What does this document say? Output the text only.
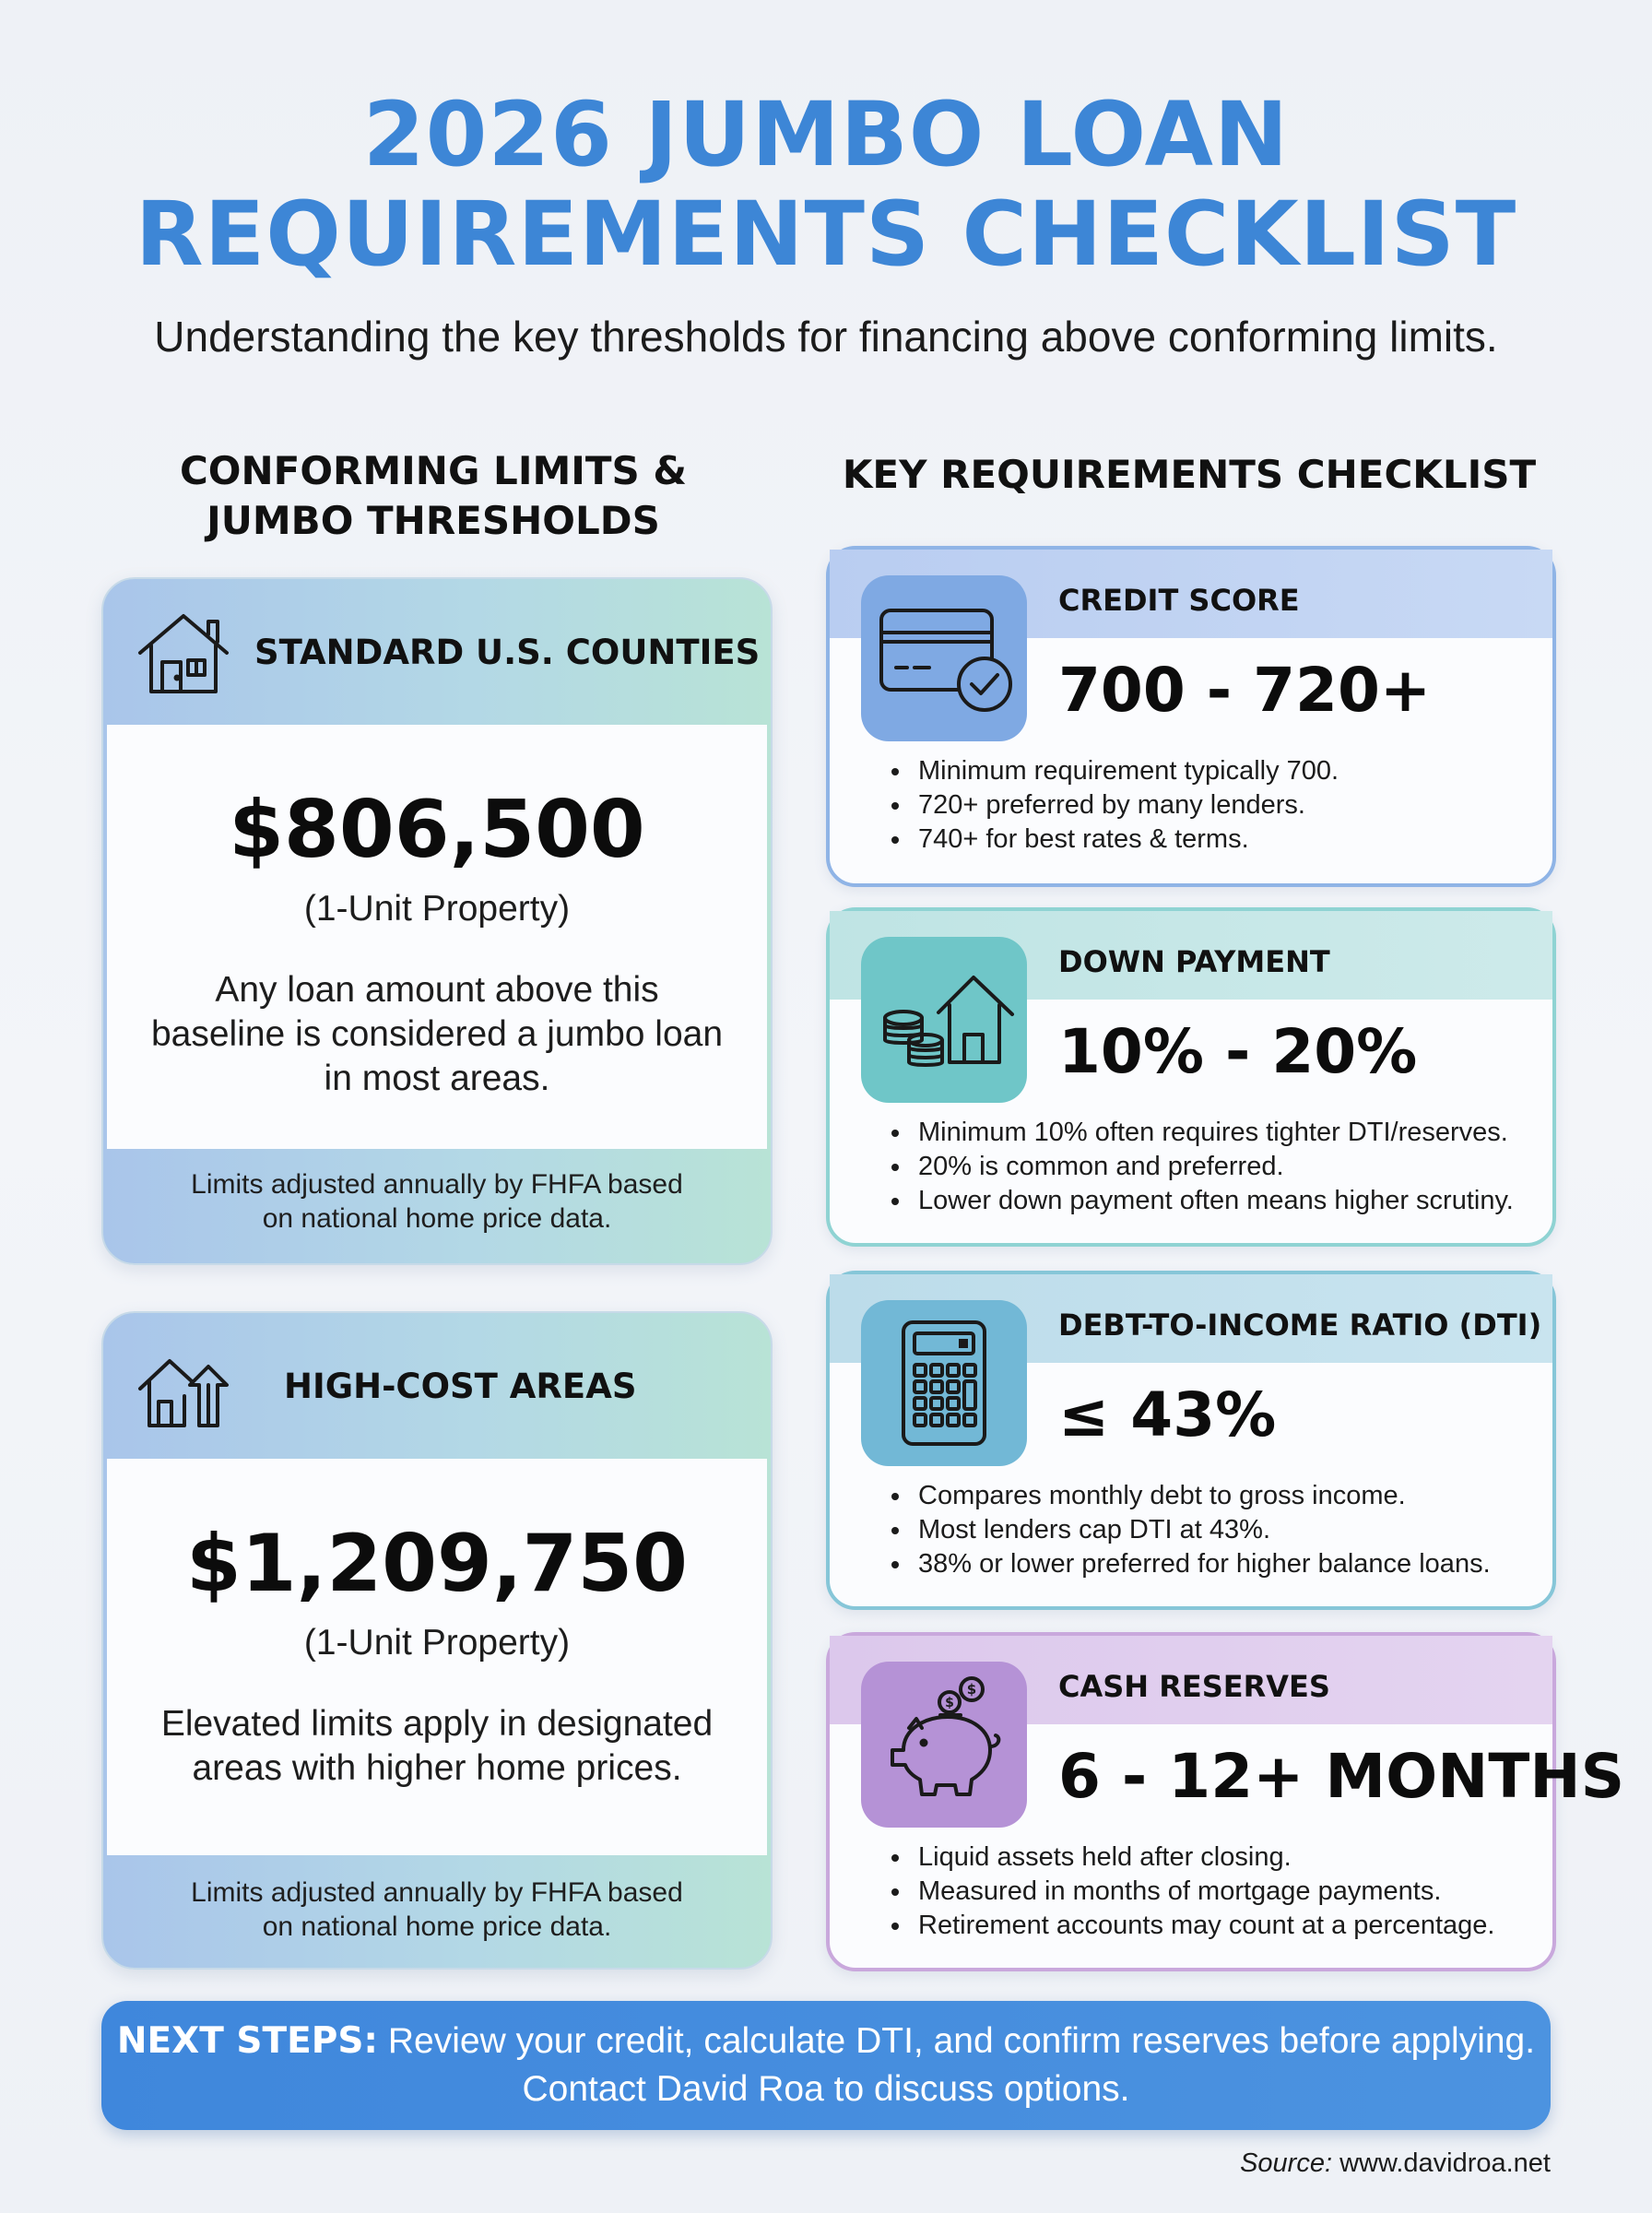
2026 JUMBO LOAN
REQUIREMENTS CHECKLIST
Understanding the key thresholds for financing above conforming limits.
CONFORMING LIMITS &
JUMBO THRESHOLDS
KEY REQUIREMENTS CHECKLIST
STANDARD U.S. COUNTIES
$806,500
(1-Unit Property)
Any loan amount above this baseline is considered a jumbo loan in most areas.
Limits adjusted annually by FHFA based on national home price data.
HIGH-COST AREAS
$1,209,750
(1-Unit Property)
Elevated limits apply in designated areas with higher home prices.
Limits adjusted annually by FHFA based on national home price data.
CREDIT SCORE
700 - 720+
• Minimum requirement typically 700.
• 720+ preferred by many lenders.
• 740+ for best rates & terms.
DOWN PAYMENT
10% - 20%
• Minimum 10% often requires tighter DTI/reserves.
• 20% is common and preferred.
• Lower down payment often means higher scrutiny.
DEBT-TO-INCOME RATIO (DTI)
≤ 43%
• Compares monthly debt to gross income.
• Most lenders cap DTI at 43%.
• 38% or lower preferred for higher balance loans.
$
$	CASH RESERVES
6 - 12+ MONTHS
• Liquid assets held after closing.
• Measured in months of mortgage payments.
• Retirement accounts may count at a percentage.
NEXT STEPS: Review your credit, calculate DTI, and confirm reserves before applying. Contact David Roa to discuss options.
Source: www.davidroa.net
